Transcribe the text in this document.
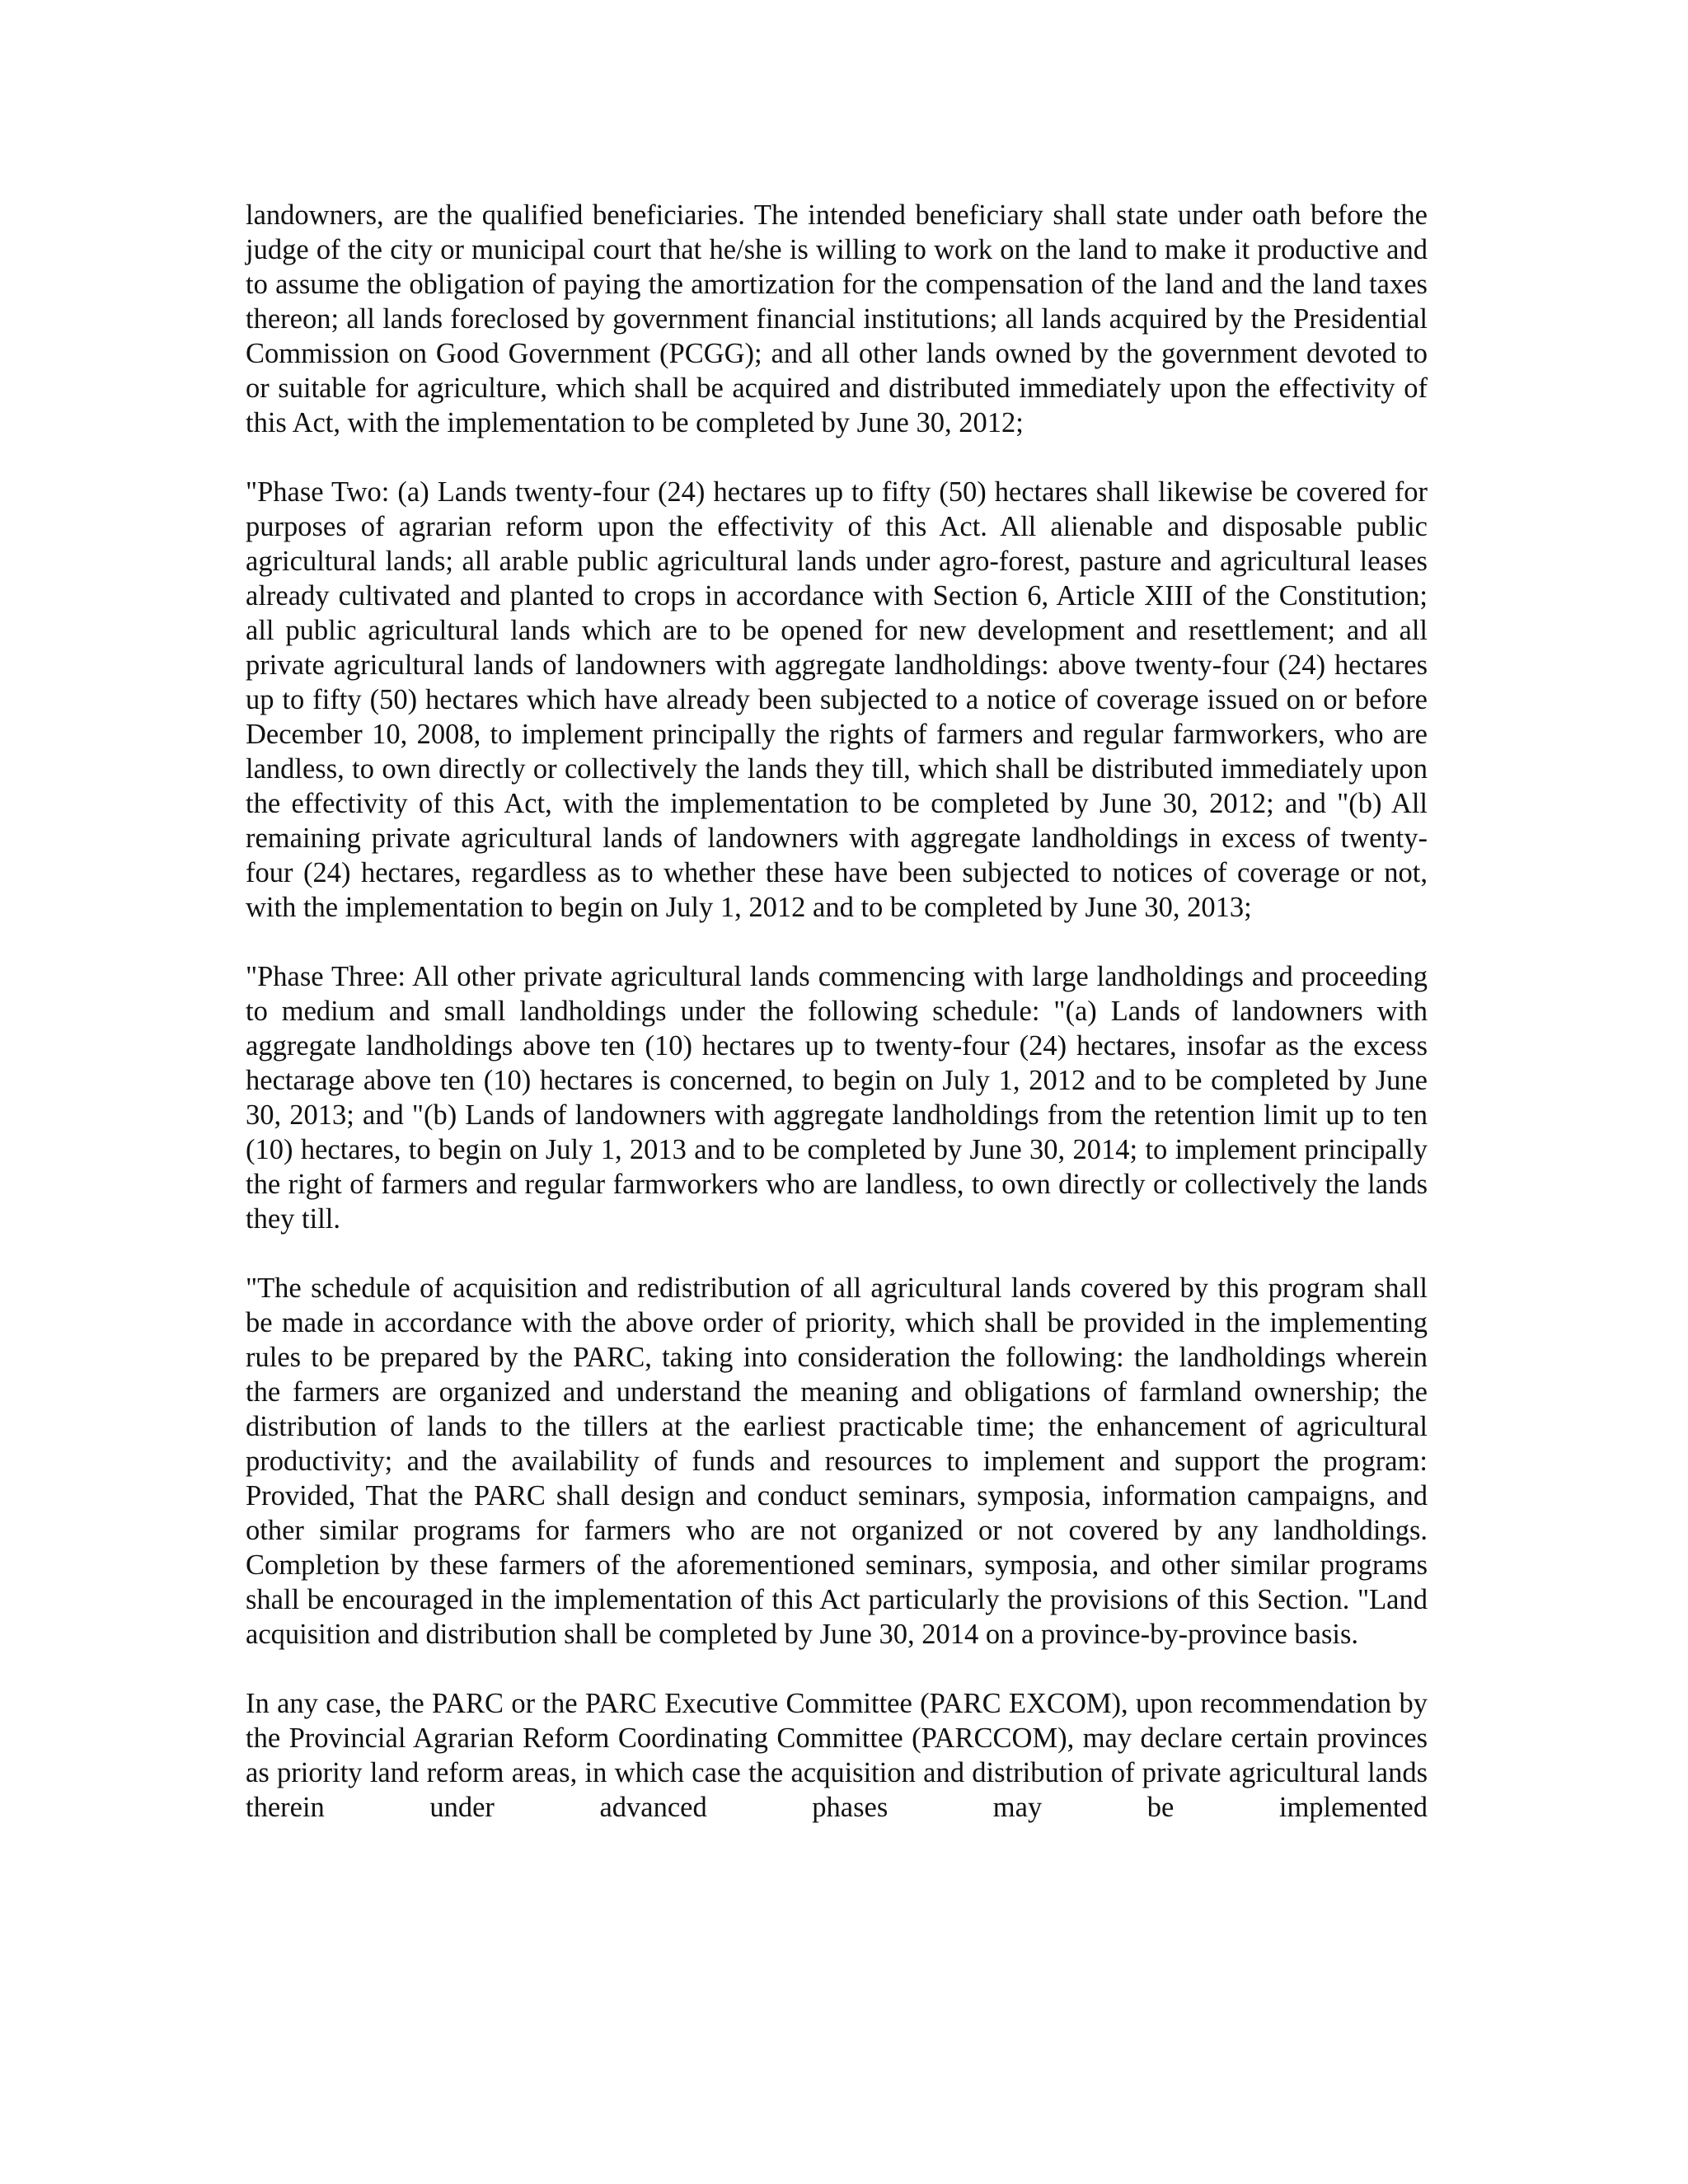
landowners, are the qualified beneficiaries. The intended beneficiary shall state under oath before the judge of the city or municipal court that he/she is willing to work on the land to make it productive and to assume the obligation of paying the amortization for the compensation of the land and the land taxes thereon; all lands foreclosed by government financial institutions; all lands acquired by the Presidential Commission on Good Government (PCGG); and all other lands owned by the government devoted to or suitable for agriculture, which shall be acquired and distributed immediately upon the effectivity of this Act, with the implementation to be completed by June 30, 2012;

"Phase Two: (a) Lands twenty-four (24) hectares up to fifty (50) hectares shall likewise be covered for purposes of agrarian reform upon the effectivity of this Act. All alienable and disposable public agricultural lands; all arable public agricultural lands under agro-forest, pasture and agricultural leases already cultivated and planted to crops in accordance with Section 6, Article XIII of the Constitution; all public agricultural lands which are to be opened for new development and resettlement; and all private agricultural lands of landowners with aggregate landholdings: above twenty-four (24) hectares up to fifty (50) hectares which have already been subjected to a notice of coverage issued on or before December 10, 2008, to implement principally the rights of farmers and regular farmworkers, who are landless, to own directly or collectively the lands they till, which shall be distributed immediately upon the effectivity of this Act, with the implementation to be completed by June 30, 2012; and "(b) All remaining private agricultural lands of landowners with aggregate landholdings in excess of twenty-four (24) hectares, regardless as to whether these have been subjected to notices of coverage or not, with the implementation to begin on July 1, 2012 and to be completed by June 30, 2013;

"Phase Three: All other private agricultural lands commencing with large landholdings and proceeding to medium and small landholdings under the following schedule: "(a) Lands of landowners with aggregate landholdings above ten (10) hectares up to twenty-four (24) hectares, insofar as the excess hectarage above ten (10) hectares is concerned, to begin on July 1, 2012 and to be completed by June 30, 2013; and "(b) Lands of landowners with aggregate landholdings from the retention limit up to ten (10) hectares, to begin on July 1, 2013 and to be completed by June 30, 2014; to implement principally the right of farmers and regular farmworkers who are landless, to own directly or collectively the lands they till.

"The schedule of acquisition and redistribution of all agricultural lands covered by this program shall be made in accordance with the above order of priority, which shall be provided in the implementing rules to be prepared by the PARC, taking into consideration the following: the landholdings wherein the farmers are organized and understand the meaning and obligations of farmland ownership; the distribution of lands to the tillers at the earliest practicable time; the enhancement of agricultural productivity; and the availability of funds and resources to implement and support the program: Provided, That the PARC shall design and conduct seminars, symposia, information campaigns, and other similar programs for farmers who are not organized or not covered by any landholdings. Completion by these farmers of the aforementioned seminars, symposia, and other similar programs shall be encouraged in the implementation of this Act particularly the provisions of this Section. "Land acquisition and distribution shall be completed by June 30, 2014 on a province-by-province basis.

In any case, the PARC or the PARC Executive Committee (PARC EXCOM), upon recommendation by the Provincial Agrarian Reform Coordinating Committee (PARCCOM), may declare certain provinces as priority land reform areas, in which case the acquisition and distribution of private agricultural lands therein under advanced phases may be implemented
